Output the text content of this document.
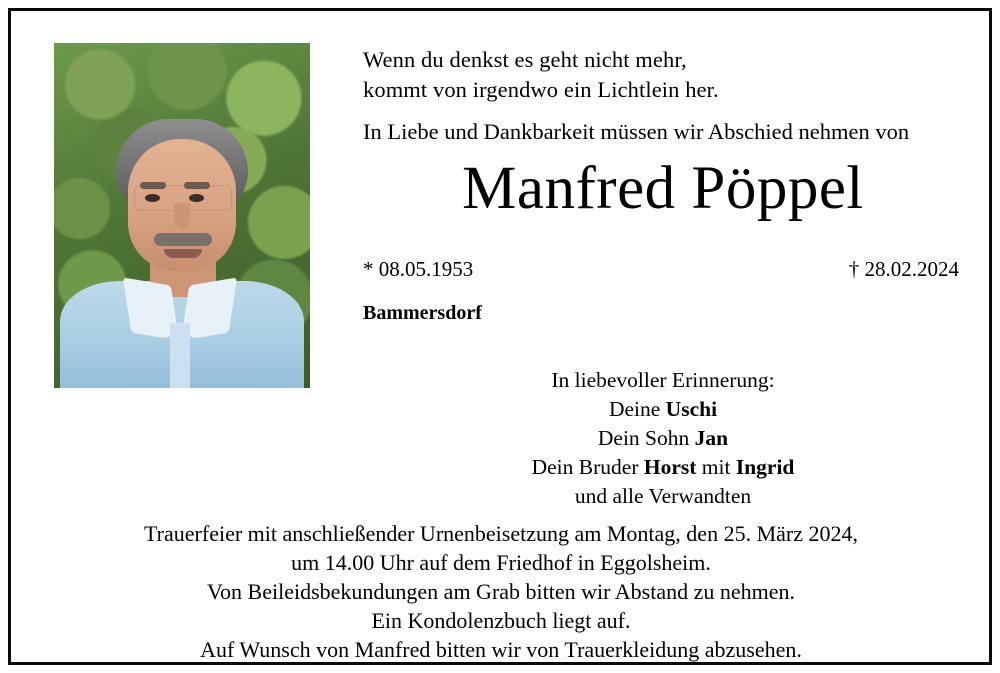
Wenn du denkst es geht nicht mehr,
kommt von irgendwo ein Lichtlein her.
In Liebe und Dankbarkeit müssen wir Abschied nehmen von
Manfred Pöppel
* 08.05.1953	† 28.02.2024
Bammersdorf
In liebevoller Erinnerung:
Deine Uschi
Dein Sohn Jan
Dein Bruder Horst mit Ingrid
und alle Verwandten
Trauerfeier mit anschließender Urnenbeisetzung am Montag, den 25. März 2024,
um 14.00 Uhr auf dem Friedhof in Eggolsheim.
Von Beileidsbekundungen am Grab bitten wir Abstand zu nehmen.
Ein Kondolenzbuch liegt auf.
Auf Wunsch von Manfred bitten wir von Trauerkleidung abzusehen.
